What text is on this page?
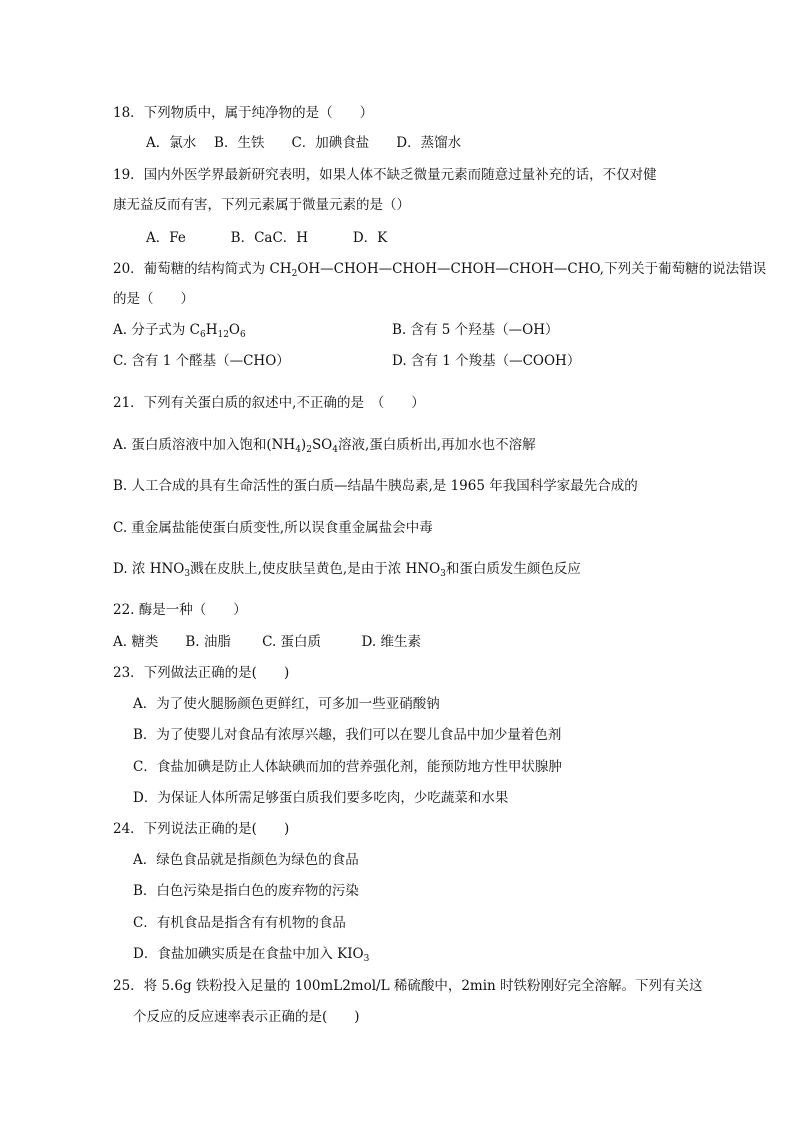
18．下列物质中，属于纯净物的是（　　）
A．氯水　 B．生铁　　C．加碘食盐　　D．蒸馏水
19．国内外医学界最新研究表明，如果人体不缺乏微量元素而随意过量补充的话，不仅对健
康无益反而有害，下列元素属于微量元素的是（）
A．Fe　　　 B．CaC．H　　　 D．K
20．葡萄糖的结构简式为 $CH_2OH—CHOH—CHOH—CHOH—CHOH—CHO$,下列关于葡萄糖的说法错误
的是（　　）
A. 分子式为 $C_6H_{12}O_6$	B. 含有 5 个羟基（—OH）
C. 含有 1 个醛基（—CHO）	D. 含有 1 个羧基（—COOH）
21．下列有关蛋白质的叙述中,不正确的是　（　　）
A. 蛋白质溶液中加入饱和$(NH_4)_2SO_4$溶液,蛋白质析出,再加水也不溶解
B. 人工合成的具有生命活性的蛋白质—结晶牛胰岛素,是 1965 年我国科学家最先合成的
C. 重金属盐能使蛋白质变性,所以误食重金属盐会中毒
D. 浓 $HNO_3$溅在皮肤上,使皮肤呈黄色,是由于浓 $HNO_3$和蛋白质发生颜色反应
22. 酶是一种（　　）
A. 糖类　　B. 油脂　　 C. 蛋白质　　　D. 维生素
23．下列做法正确的是(　　)
A．为了使火腿肠颜色更鲜红，可多加一些亚硝酸钠
B．为了使婴儿对食品有浓厚兴趣，我们可以在婴儿食品中加少量着色剂
C．食盐加碘是防止人体缺碘而加的营养强化剂，能预防地方性甲状腺肿
D．为保证人体所需足够蛋白质我们要多吃肉，少吃蔬菜和水果
24．下列说法正确的是(　　)
A．绿色食品就是指颜色为绿色的食品
B．白色污染是指白色的废弃物的污染
C．有机食品是指含有有机物的食品
D．食盐加碘实质是在食盐中加入 $KIO_3$
25．将 5.6g 铁粉投入足量的 100mL2mol/L 稀硫酸中，2min 时铁粉刚好完全溶解。下列有关这
个反应的反应速率表示正确的是(　　)
